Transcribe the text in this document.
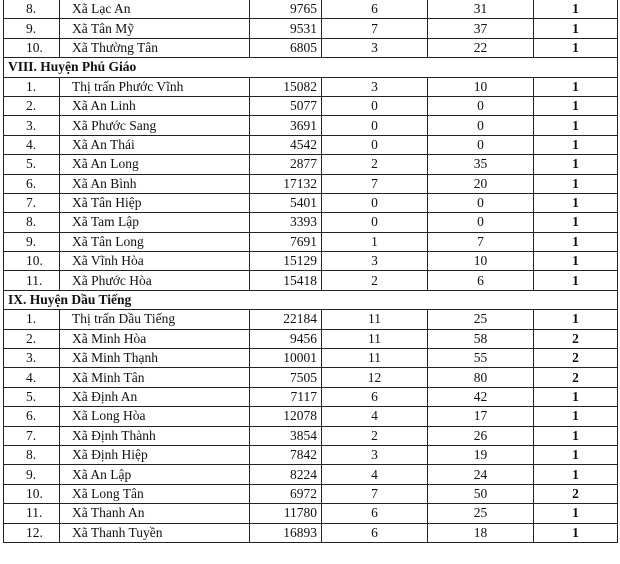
8.	Xã Lạc An	9765	6	31	1
9.	Xã Tân Mỹ	9531	7	37	1
10.	Xã Thường Tân	6805	3	22	1
VIII. Huyện Phú Giáo					
1.	Thị trấn Phước Vĩnh	15082	3	10	1
2.	Xã An Linh	5077	0	0	1
3.	Xã Phước Sang	3691	0	0	1
4.	Xã An Thái	4542	0	0	1
5.	Xã An Long	2877	2	35	1
6.	Xã An Bình	17132	7	20	1
7.	Xã Tân Hiệp	5401	0	0	1
8.	Xã Tam Lập	3393	0	0	1
9.	Xã Tân Long	7691	1	7	1
10.	Xã Vĩnh Hòa	15129	3	10	1
11.	Xã Phước Hòa	15418	2	6	1
IX. Huyện Dầu Tiếng					
1.	Thị trấn Dầu Tiếng	22184	11	25	1
2.	Xã Minh Hòa	9456	11	58	2
3.	Xã Minh Thạnh	10001	11	55	2
4.	Xã Minh Tân	7505	12	80	2
5.	Xã Định An	7117	6	42	1
6.	Xã Long Hòa	12078	4	17	1
7.	Xã Định Thành	3854	2	26	1
8.	Xã Định Hiệp	7842	3	19	1
9.	Xã An Lập	8224	4	24	1
10.	Xã Long Tân	6972	7	50	2
11.	Xã Thanh An	11780	6	25	1
12.	Xã Thanh Tuyền	16893	6	18	1
